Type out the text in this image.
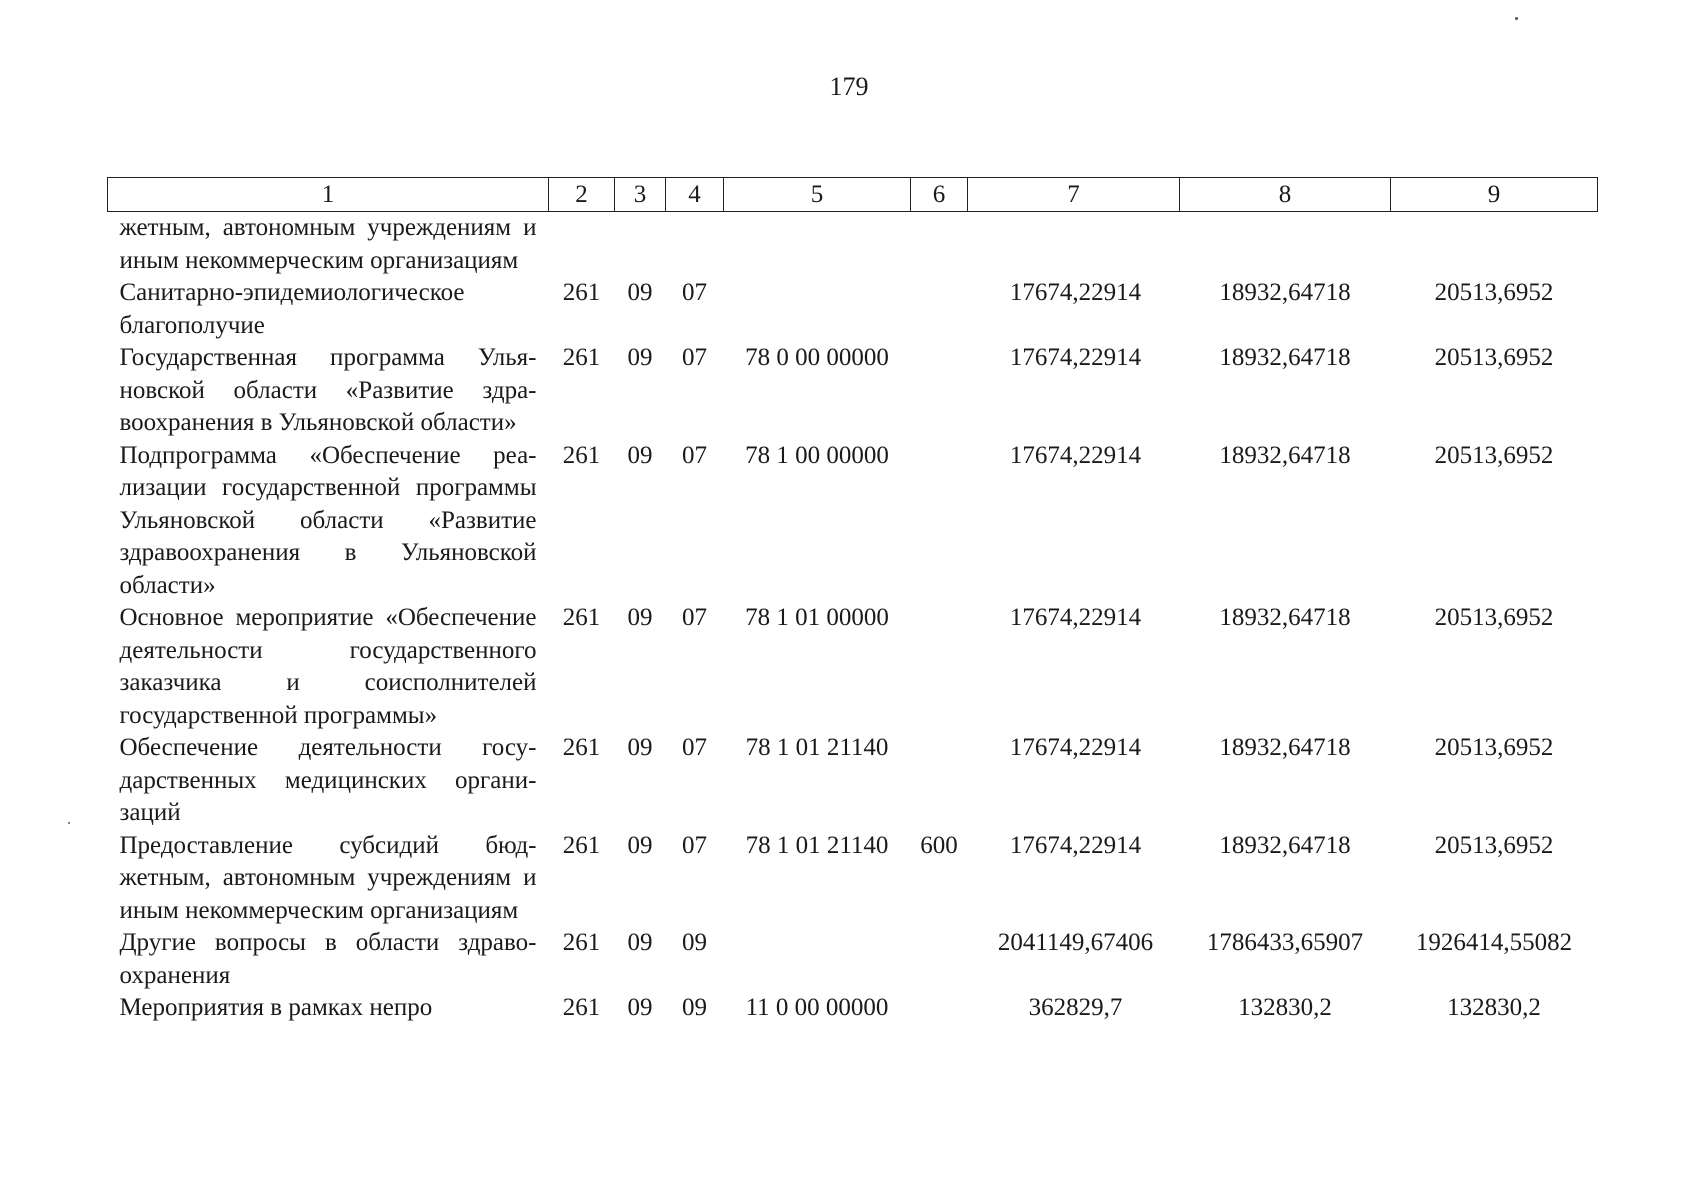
179
1	2	3	4	5	6	7	8	9
жетным, автономным учреждениям и иным некоммерческим организациям								
Санитарно-эпидемиологическое благополучие	261	09	07			17674,22914	18932,64718	20513,6952
Государственная программа Ульяновской области «Развитие здравоохранения в Ульяновской области»	261	09	07	78 0 00 00000		17674,22914	18932,64718	20513,6952
Подпрограмма «Обеспечение реализации государственной программы Ульяновской области «Развитие здравоохранения в Ульяновской области»	261	09	07	78 1 00 00000		17674,22914	18932,64718	20513,6952
Основное мероприятие «Обеспечение деятельности государственного заказчика и соисполнителей государственной программы»	261	09	07	78 1 01 00000		17674,22914	18932,64718	20513,6952
Обеспечение деятельности государственных медицинских организаций	261	09	07	78 1 01 21140		17674,22914	18932,64718	20513,6952
Предоставление субсидий бюджетным, автономным учреждениям и иным некоммерческим организациям	261	09	07	78 1 01 21140	600	17674,22914	18932,64718	20513,6952
Другие вопросы в области здравоохранения	261	09	09			2041149,67406	1786433,65907	1926414,55082
Мероприятия в рамках непро	261	09	09	11 0 00 00000		362829,7	132830,2	132830,2
